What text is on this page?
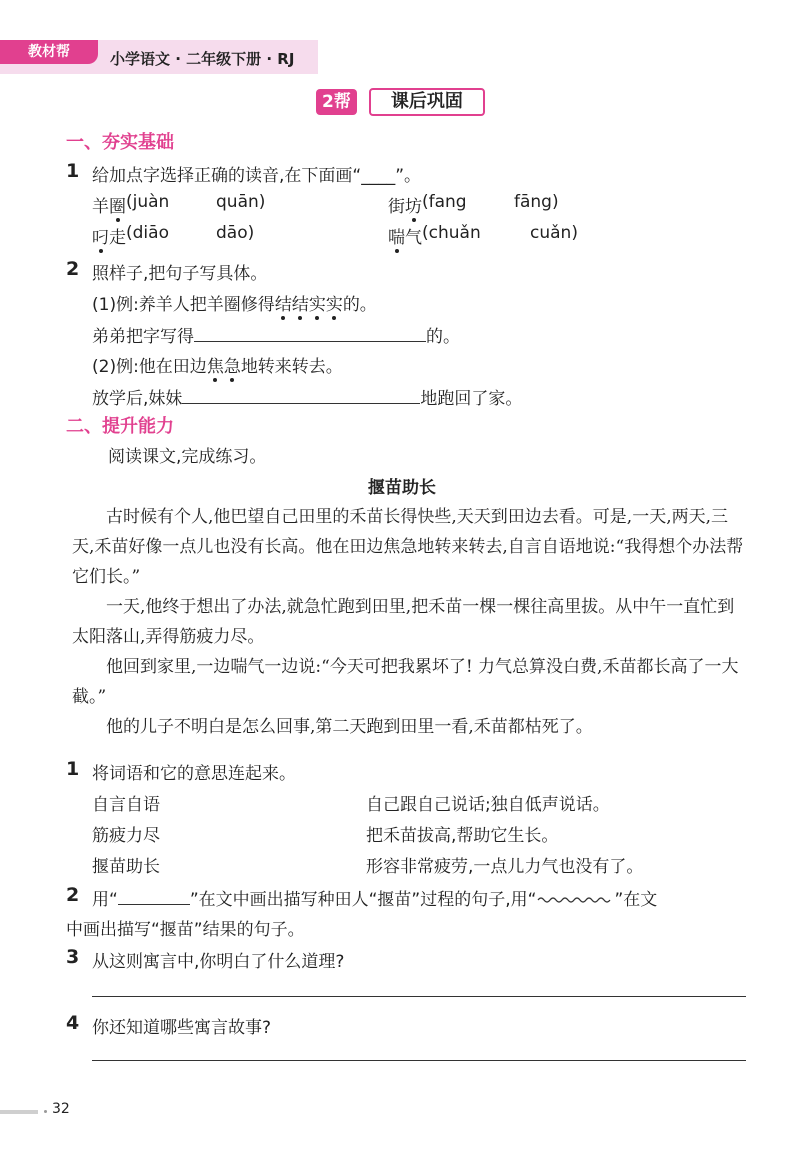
教材帮	小学语文 · 二年级下册 · RJ
2帮	课后巩固
一、夯实基础
1 给加点字选择正确的读音,在下面画“____”。
羊圈 (juàn	quān)	街坊 (fang	fāng)
叼走 (diāo	dāo)	喘气 (chuǎn	cuǎn)
2 照样子,把句子写具体。
(1)例:养羊人把羊圈修得结结实实的。
弟弟把字写得	的。
(2)例:他在田边焦急地转来转去。
放学后,妹妹	地跑回了家。
二、提升能力
阅读课文,完成练习。
揠苗助长

古时候有个人,他巴望自己田里的禾苗长得快些,天天到田边去看。可是,一天,两天,三天,禾苗好像一点儿也没有长高。他在田边焦急地转来转去,自言自语地说:“我得想个办法帮它们长。”

一天,他终于想出了办法,就急忙跑到田里,把禾苗一棵一棵往高里拔。从中午一直忙到太阳落山,弄得筋疲力尽。

他回到家里,一边喘气一边说:“今天可把我累坏了! 力气总算没白费,禾苗都长高了一大截。”

他的儿子不明白是怎么回事,第二天跑到田里一看,禾苗都枯死了。

1 将词语和它的意思连起来。
自言自语	自己跟自己说话;独自低声说话。
筋疲力尽	把禾苗拔高,帮助它生长。
揠苗助长	形容非常疲劳,一点儿力气也没有了。
2 用“	”在文中画出描写种田人“揠苗”过程的句子,用“	”在文
中画出描写“揠苗”结果的句子。
3 从这则寓言中,你明白了什么道理?
4 你还知道哪些寓言故事?
32
